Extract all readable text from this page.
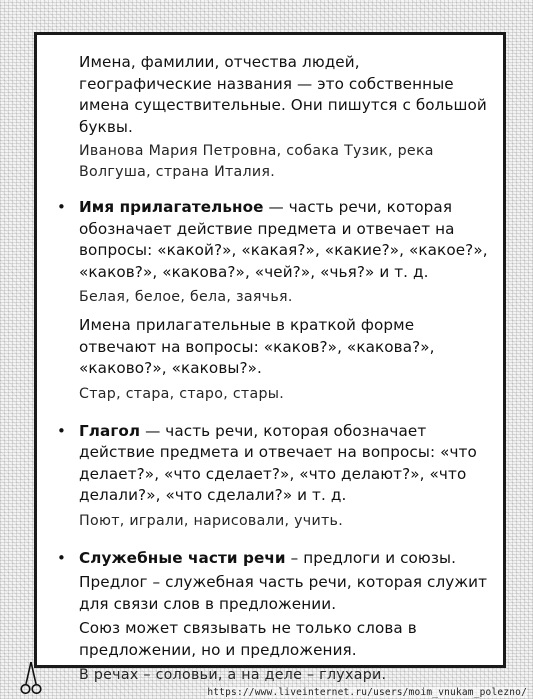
Имена, фамилии, отчества людей, географические названия — это собственные имена существительные. Они пишутся с большой буквы.

Иванова Мария Петровна, собака Тузик, река Волгуша, страна Италия.

• Имя прилагательное — часть речи, которая обозначает действие предмета и отвечает на вопросы: «какой?», «какая?», «какие?», «какое?», «каков?», «какова?», «чей?», «чья?» и т. д.

Белая, белое, бела, заячья.

Имена прилагательные в краткой форме отвечают на вопросы: «каков?», «какова?», «каково?», «каковы?».

Стар, стара, старо, стары.

• Глагол — часть речи, которая обозначает действие предмета и отвечает на вопросы: «что делает?», «что сделает?», «что делают?», «что делали?», «что сделали?» и т. д.

Поют, играли, нарисовали, учить.

• Служебные части речи – предлоги и союзы.

Предлог – служебная часть речи, которая служит для связи слов в предложении.

Союз может связывать не только слова в предложении, но и предложения.

В речах – соловьи, а на деле – глухари.

https://www.liveinternet.ru/users/moim_vnukam_polezno/
